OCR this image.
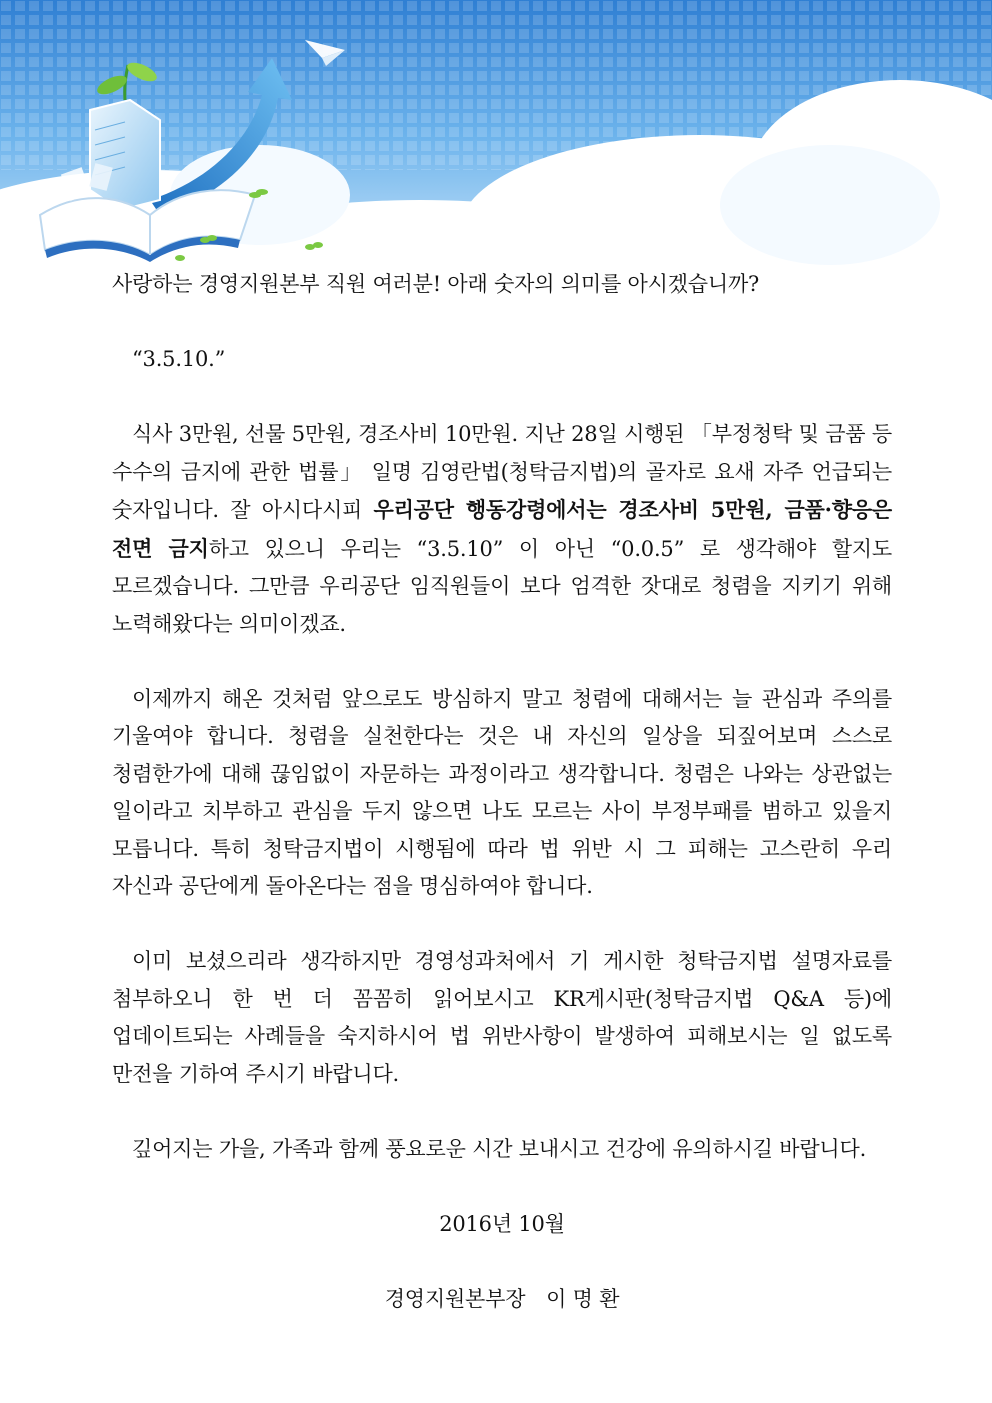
사랑하는 경영지원본부 직원 여러분! 아래 숫자의 의미를 아시겠습니까?

“3.5.10.”

식사 3만원, 선물 5만원, 경조사비 10만원. 지난 28일 시행된 「부정청탁 및 금품 등 수수의 금지에 관한 법률」 일명 김영란법(청탁금지법)의 골자로 요새 자주 언급되는 숫자입니다. 잘 아시다시피 우리공단 행동강령에서는 경조사비 5만원, 금품·향응은 전면 금지하고 있으니 우리는 “3.5.10” 이 아닌 “0.0.5” 로 생각해야 할지도 모르겠습니다. 그만큼 우리공단 임직원들이 보다 엄격한 잣대로 청렴을 지키기 위해 노력해왔다는 의미이겠죠.

이제까지 해온 것처럼 앞으로도 방심하지 말고 청렴에 대해서는 늘 관심과 주의를 기울여야 합니다. 청렴을 실천한다는 것은 내 자신의 일상을 되짚어보며 스스로 청렴한가에 대해 끊임없이 자문하는 과정이라고 생각합니다. 청렴은 나와는 상관없는 일이라고 치부하고 관심을 두지 않으면 나도 모르는 사이 부정부패를 범하고 있을지 모릅니다. 특히 청탁금지법이 시행됨에 따라 법 위반 시 그 피해는 고스란히 우리 자신과 공단에게 돌아온다는 점을 명심하여야 합니다.

이미 보셨으리라 생각하지만 경영성과처에서 기 게시한 청탁금지법 설명자료를 첨부하오니 한 번 더 꼼꼼히 읽어보시고 KR게시판(청탁금지법 Q&A 등)에 업데이트되는 사례들을 숙지하시어 법 위반사항이 발생하여 피해보시는 일 없도록 만전을 기하여 주시기 바랍니다.

깊어지는 가을, 가족과 함께 풍요로운 시간 보내시고 건강에 유의하시길 바랍니다.

2016년 10월

경영지원본부장　이 명 환
